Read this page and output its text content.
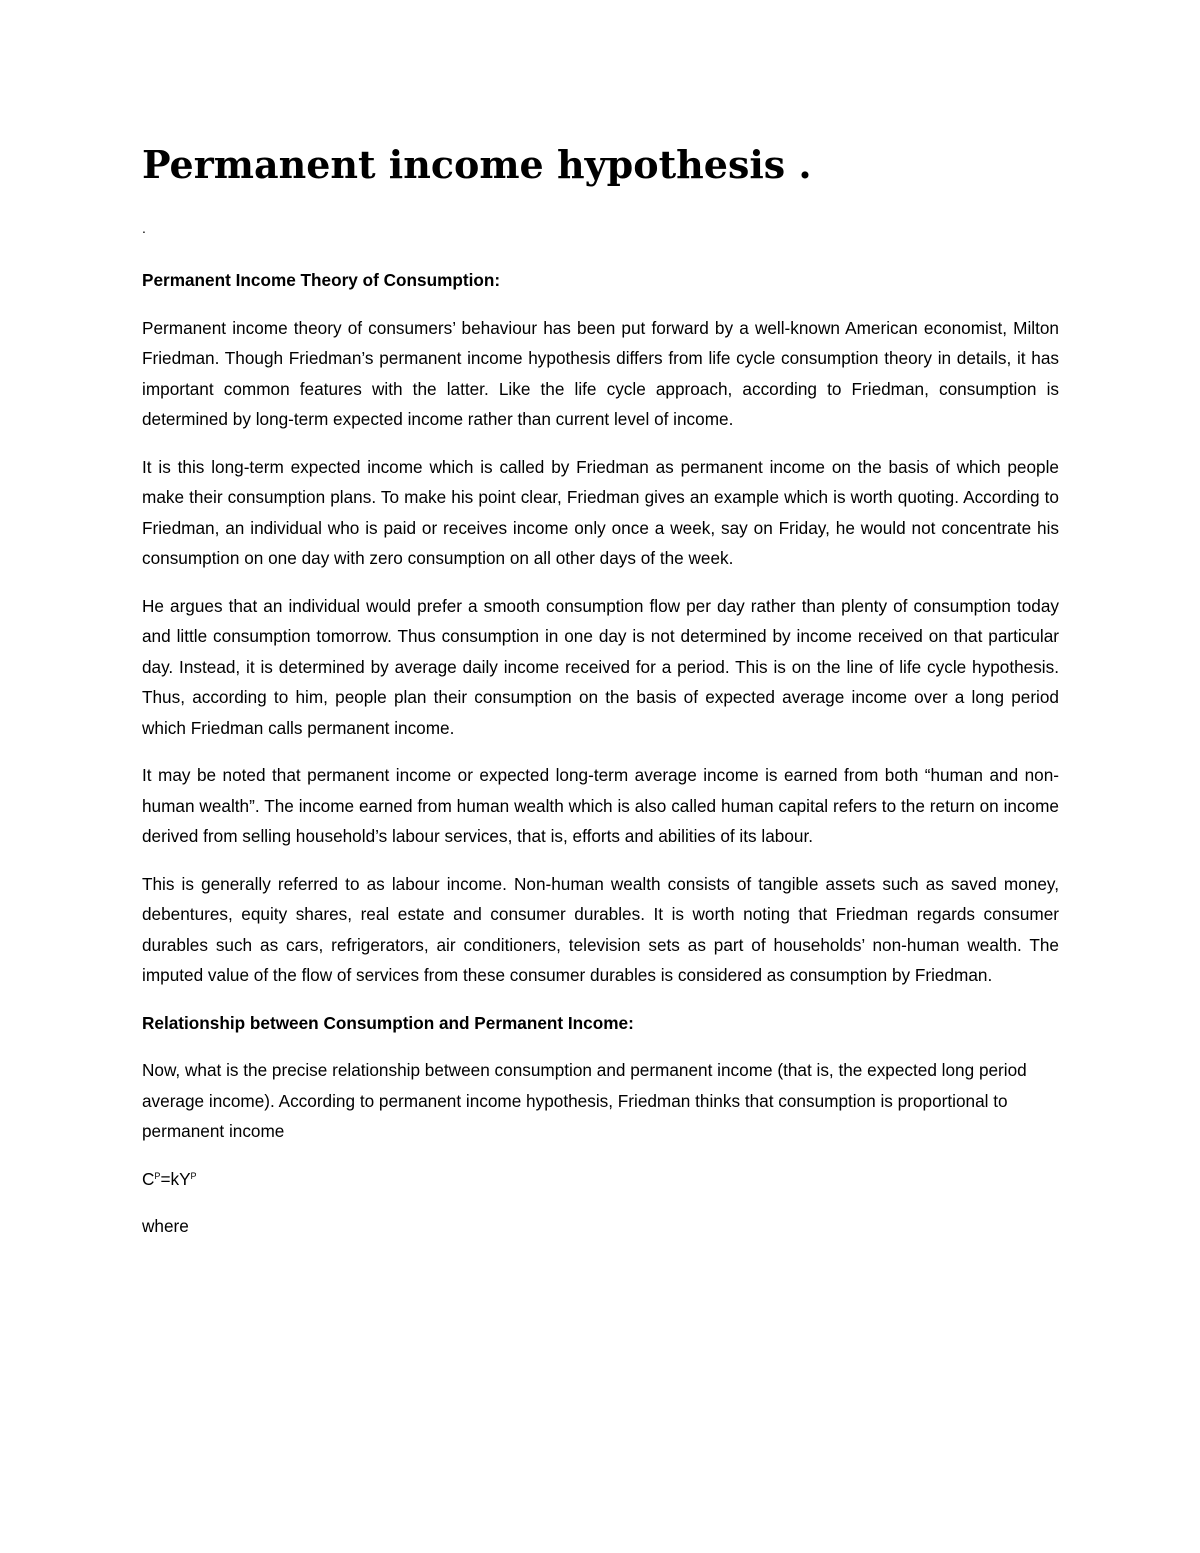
Permanent income hypothesis .
.
Permanent Income Theory of Consumption:

Permanent income theory of consumers’ behaviour has been put forward by a well-known American economist, Milton Friedman. Though Friedman’s permanent income hypothesis differs from life cycle consumption theory in details, it has important common features with the latter. Like the life cycle approach, according to Friedman, consumption is determined by long-term expected income rather than current level of income.

It is this long-term expected income which is called by Friedman as permanent income on the basis of which people make their consumption plans. To make his point clear, Friedman gives an example which is worth quoting. According to Friedman, an individual who is paid or receives income only once a week, say on Friday, he would not concentrate his consumption on one day with zero consumption on all other days of the week.

He argues that an individual would prefer a smooth consumption flow per day rather than plenty of consumption today and little consumption tomorrow. Thus consumption in one day is not determined by income received on that particular day. Instead, it is determined by average daily income received for a period. This is on the line of life cycle hypothesis. Thus, according to him, people plan their consumption on the basis of expected average income over a long period which Friedman calls permanent income.

It may be noted that permanent income or expected long-term average income is earned from both “human and non-human wealth”. The income earned from human wealth which is also called human capital refers to the return on income derived from selling household’s labour services, that is, efforts and abilities of its labour.

This is generally referred to as labour income. Non-human wealth consists of tangible assets such as saved money, debentures, equity shares, real estate and consumer durables. It is worth noting that Friedman regards consumer durables such as cars, refrigerators, air conditioners, television sets as part of households’ non-human wealth. The imputed value of the flow of services from these consumer durables is considered as consumption by Friedman.

Relationship between Consumption and Permanent Income:

Now, what is the precise relationship between consumption and permanent income (that is, the expected long period average income). According to permanent income hypothesis, Friedman thinks that consumption is proportional to permanent income

$C^P=kY^P$

where
